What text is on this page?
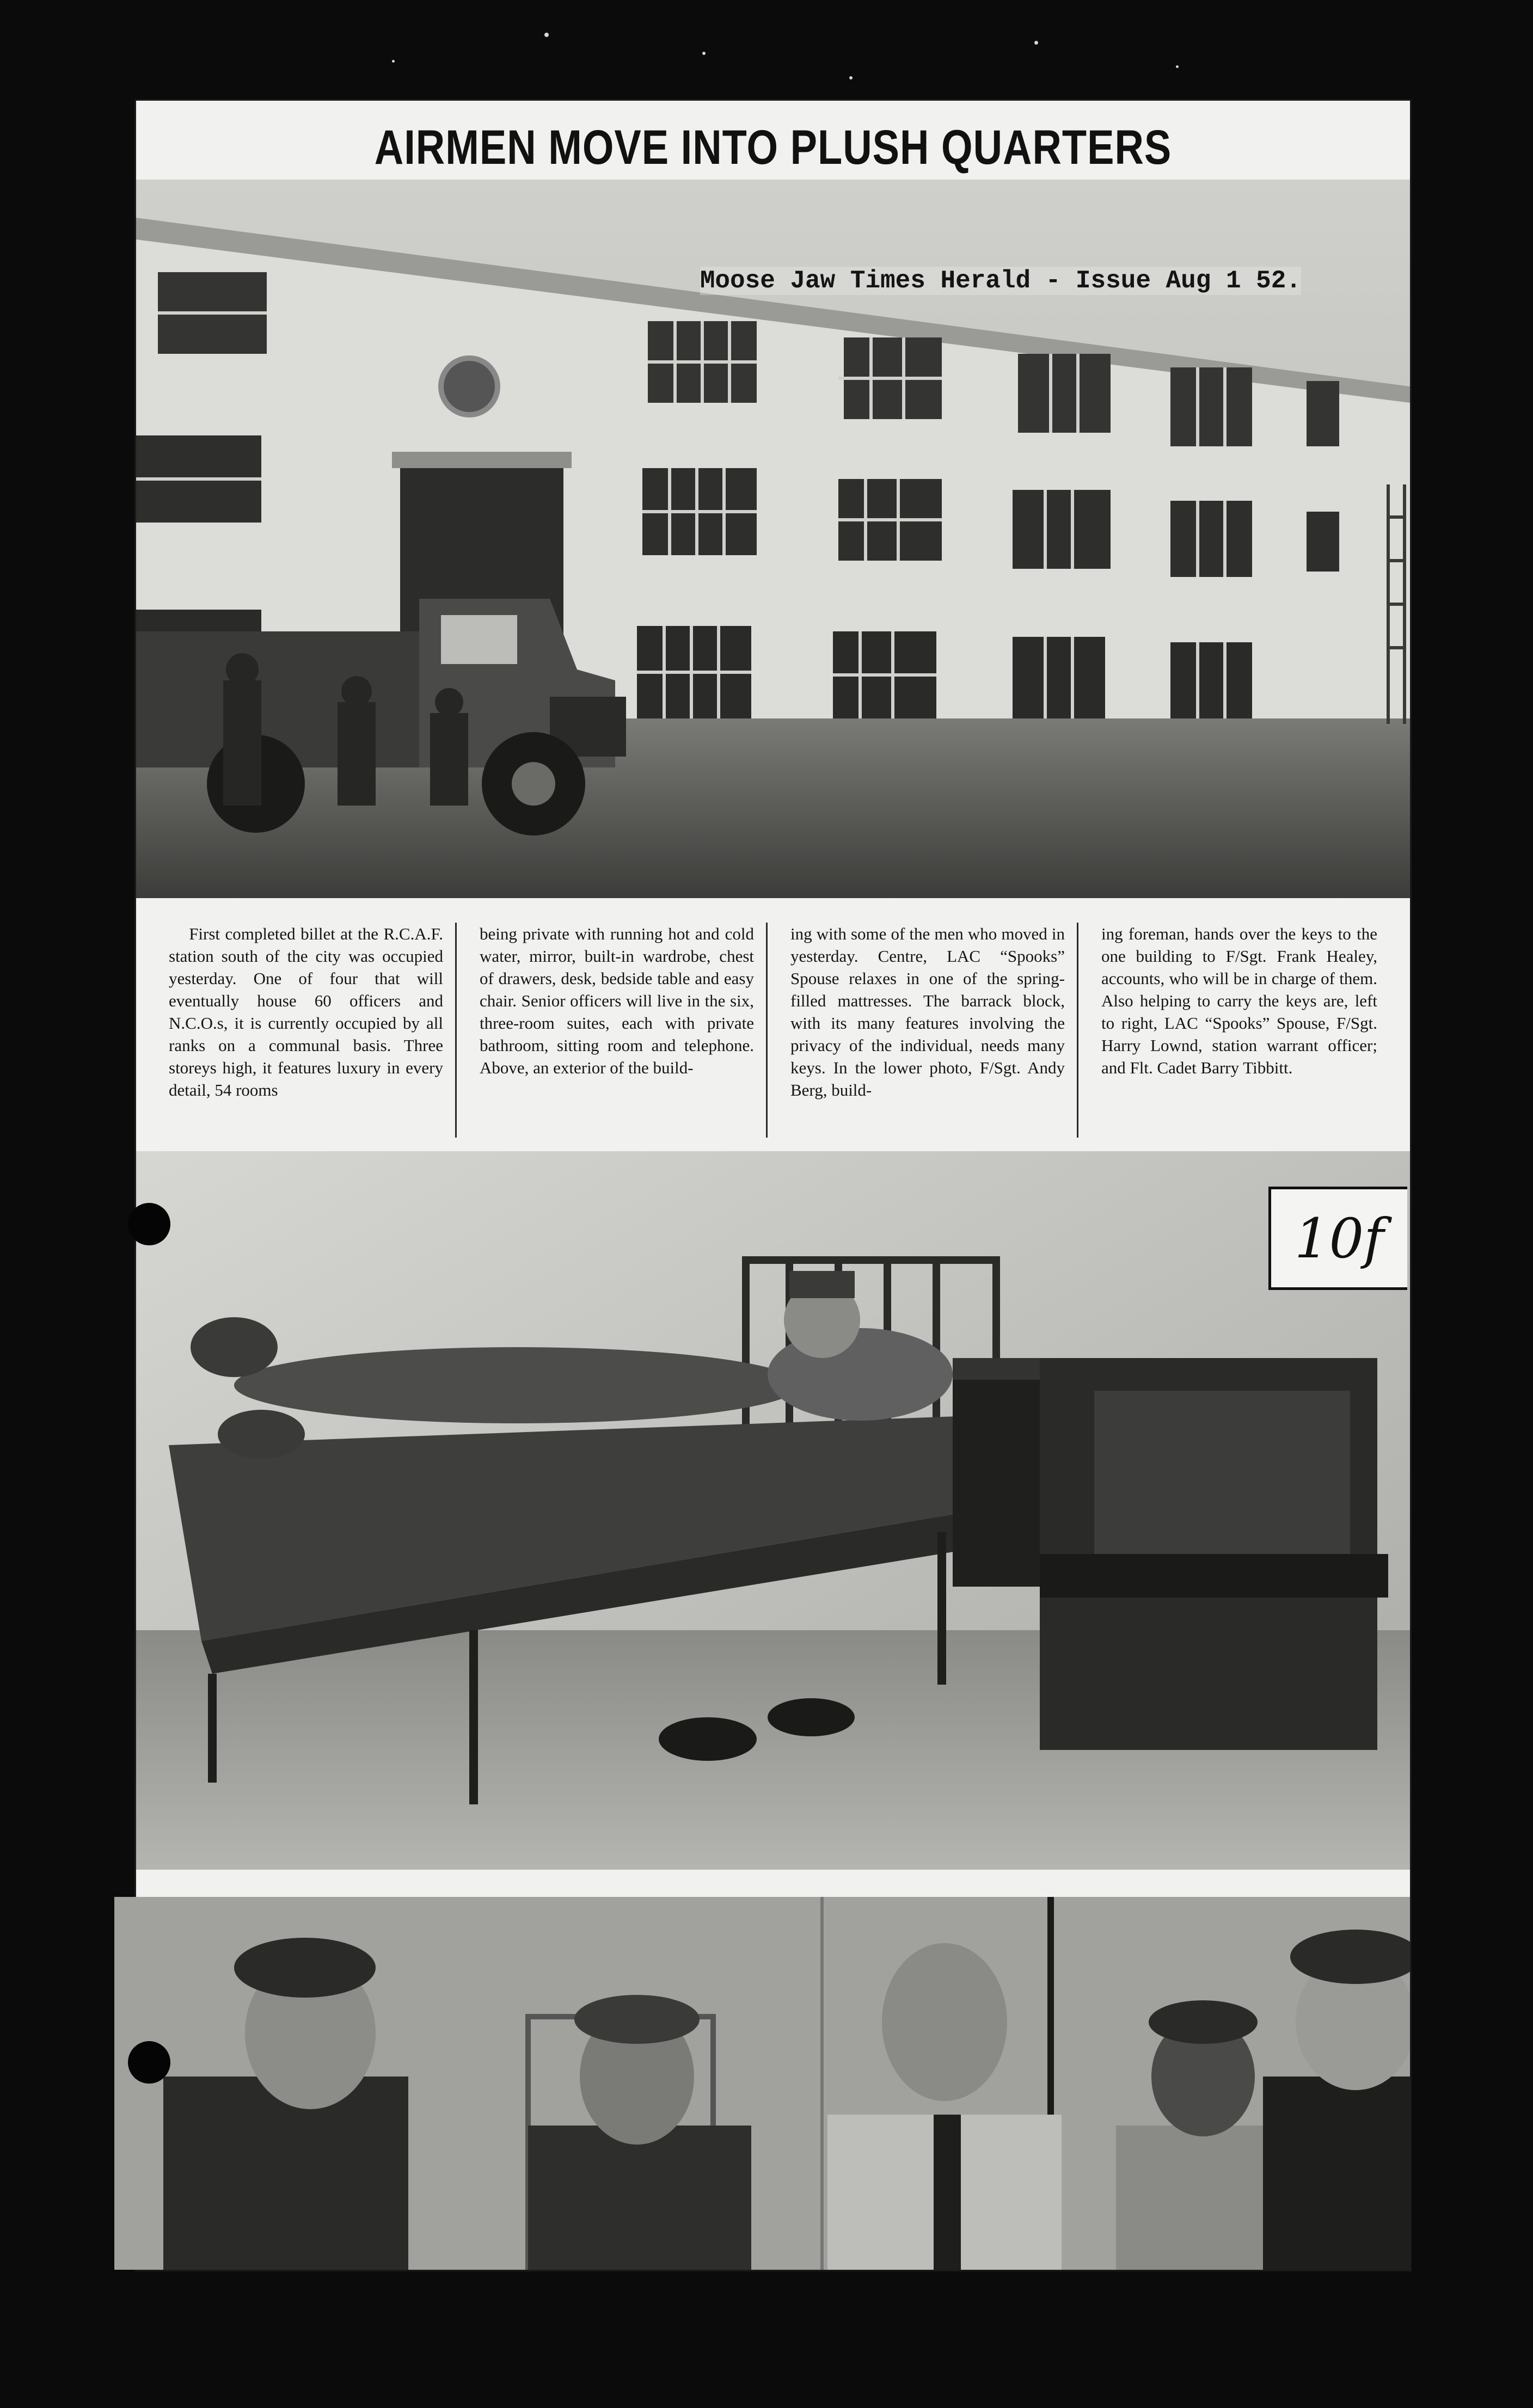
AIRMEN MOVE INTO PLUSH QUARTERS
Moose Jaw Times Herald - Issue Aug 1 52.

First completed billet at the R.C.A.F. station south of the city was occupied yesterday. One of four that will eventually house 60 officers and N.C.O.s, it is currently occupied by all ranks on a communal basis. Three storeys high, it features luxury in every detail, 54 rooms

being private with running hot and cold water, mirror, built-in wardrobe, chest of drawers, desk, bedside table and easy chair. Senior officers will live in the six, three-room suites, each with private bathroom, sitting room and telephone. Above, an exterior of the build-

ing with some of the men who moved in yesterday. Centre, LAC “Spooks” Spouse relaxes in one of the spring-filled mattresses. The barrack block, with its many features involving the privacy of the individual, needs many keys. In the lower photo, F/Sgt. Andy Berg, build-

ing foreman, hands over the keys to the one building to F/Sgt. Frank Healey, accounts, who will be in charge of them. Also helping to carry the keys are, left to right, LAC “Spooks” Spouse, F/Sgt. Harry Lownd, station warrant officer; and Flt. Cadet Barry Tibbitt.

10f
